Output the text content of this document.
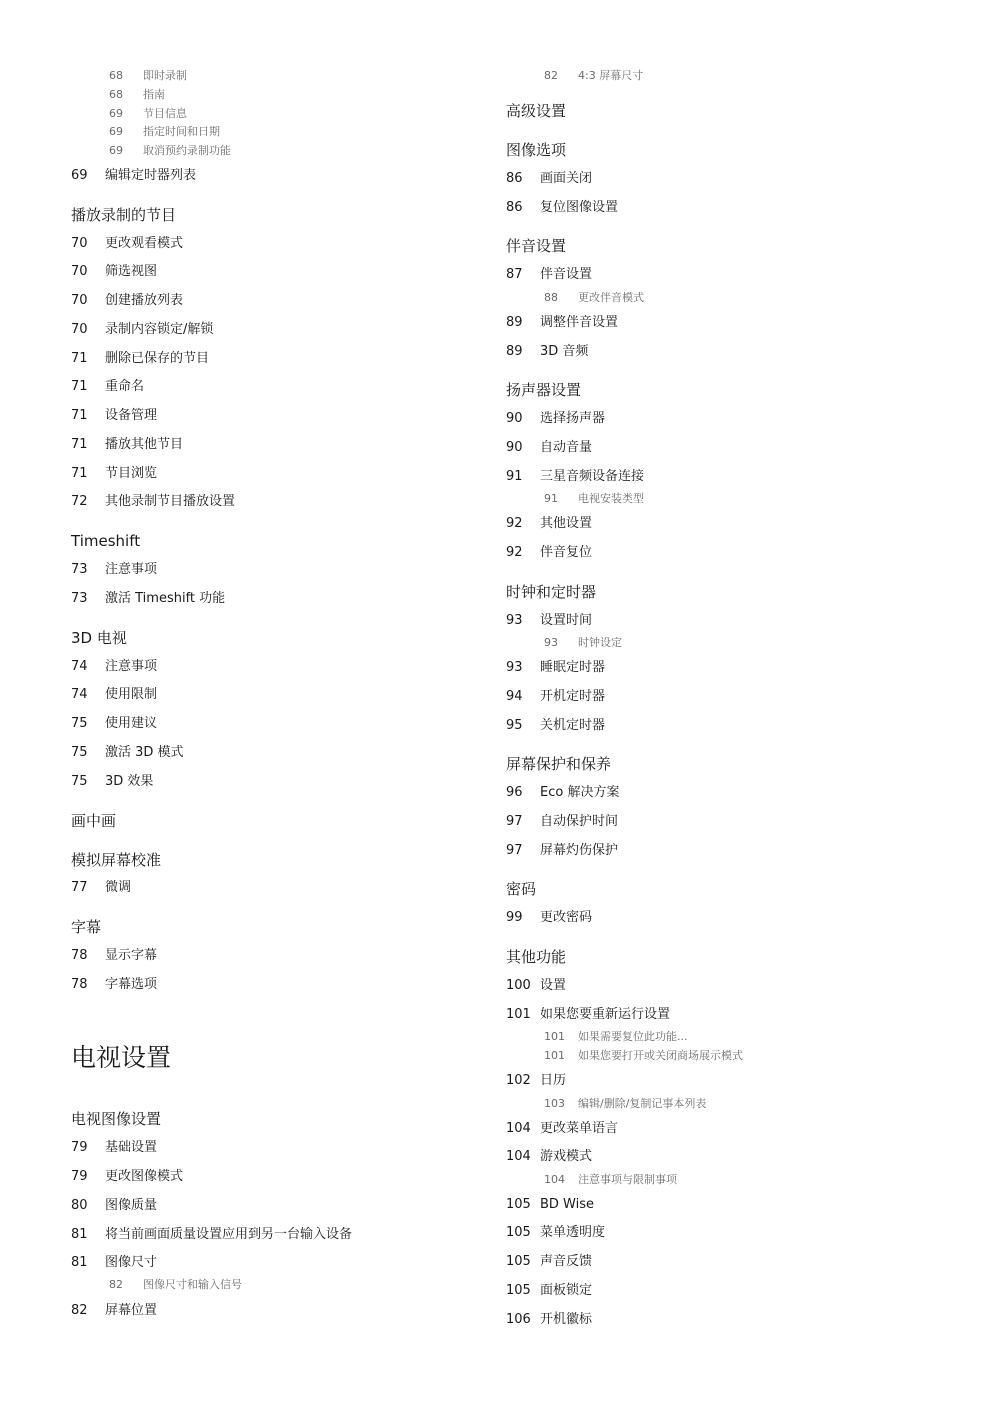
68 即时录制
68 指南
69 节目信息
69 指定时间和日期
69 取消预约录制功能
69 编辑定时器列表
播放录制的节目
70 更改观看模式
70 筛选视图
70 创建播放列表
70 录制内容锁定/解锁
71 删除已保存的节目
71 重命名
71 设备管理
71 播放其他节目
71 节目浏览
72 其他录制节目播放设置
Timeshift
73 注意事项
73 激活 Timeshift 功能
3D 电视
74 注意事项
74 使用限制
75 使用建议
75 激活 3D 模式
75 3D 效果
画中画
模拟屏幕校准
77 微调
字幕
78 显示字幕
78 字幕选项
电视设置
电视图像设置
79 基础设置
79 更改图像模式
80 图像质量
81 将当前画面质量设置应用到另一台输入设备
81 图像尺寸
82 图像尺寸和输入信号
82 屏幕位置
82 4:3 屏幕尺寸
高级设置
图像选项
86 画面关闭
86 复位图像设置
伴音设置
87 伴音设置
88 更改伴音模式
89 调整伴音设置
89 3D 音频
扬声器设置
90 选择扬声器
90 自动音量
91 三星音频设备连接
91 电视安装类型
92 其他设置
92 伴音复位
时钟和定时器
93 设置时间
93 时钟设定
93 睡眠定时器
94 开机定时器
95 关机定时器
屏幕保护和保养
96 Eco 解决方案
97 自动保护时间
97 屏幕灼伤保护
密码
99 更改密码
其他功能
100 设置
101 如果您要重新运行设置
101 如果需要复位此功能...
101 如果您要打开或关闭商场展示模式
102 日历
103 编辑/删除/复制记事本列表
104 更改菜单语言
104 游戏模式
104 注意事项与限制事项
105 BD Wise
105 菜单透明度
105 声音反馈
105 面板锁定
106 开机徽标
